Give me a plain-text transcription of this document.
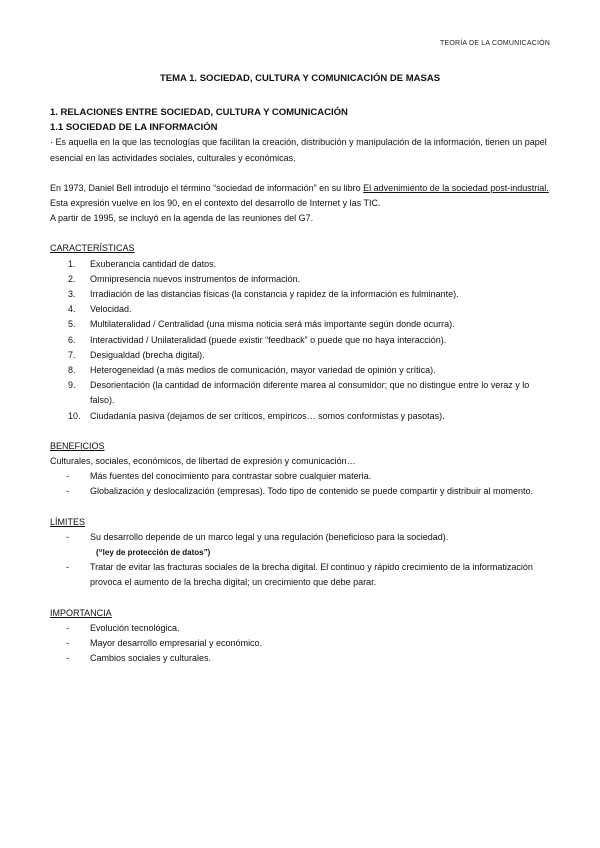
TEORÍA DE LA COMUNICACIÓN
TEMA 1. SOCIEDAD, CULTURA Y COMUNICACIÓN DE MASAS

1. RELACIONES ENTRE SOCIEDAD, CULTURA Y COMUNICACIÓN

1.1 SOCIEDAD DE LA INFORMACIÓN

· Es aquella en la que las tecnologías que facilitan la creación, distribución y manipulación de la información, tienen un papel esencial en las actividades sociales, culturales y económicas.

En 1973, Daniel Bell introdujo el término “sociedad de información” en su libro El advenimiento de la sociedad post-industrial.

Esta expresión vuelve en los 90, en el contexto del desarrollo de Internet y las TIC.

A partir de 1995, se incluyó en la agenda de las reuniones del G7.

CARACTERÍSTICAS

1. Exuberancia cantidad de datos.
2. Omnipresencia nuevos instrumentos de información.
3. Irradiación de las distancias físicas (la constancia y rapidez de la información es fulminante).
4. Velocidad.
5. Multilateralidad / Centralidad (una misma noticia será más importante según donde ocurra).
6. Interactividad / Unilateralidad (puede existir “feedback” o puede que no haya interacción).
7. Desigualdad (brecha digital).
8. Heterogeneidad (a más medios de comunicación, mayor variedad de opinión y crítica).
9. Desorientación (la cantidad de información diferente marea al consumidor; que no distingue entre lo veraz y lo falso).
10. Ciudadanía pasiva (dejamos de ser críticos, empíricos… somos conformistas y pasotas).

BENEFICIOS

Culturales, sociales, económicos, de libertad de expresión y comunicación…

- Más fuentes del conocimiento para contrastar sobre cualquier materia.
- Globalización y deslocalización (empresas). Todo tipo de contenido se puede compartir y distribuir al momento.

LÍMITES

- Su desarrollo depende de un marco legal y una regulación (beneficioso para la sociedad).
(“ley de protección de datos”)
- Tratar de evitar las fracturas sociales de la brecha digital. El continuo y rápido crecimiento de la informatización provoca el aumento de la brecha digital; un crecimiento que debe parar.

IMPORTANCIA

- Evolución tecnológica.
- Mayor desarrollo empresarial y económico.
- Cambios sociales y culturales.
